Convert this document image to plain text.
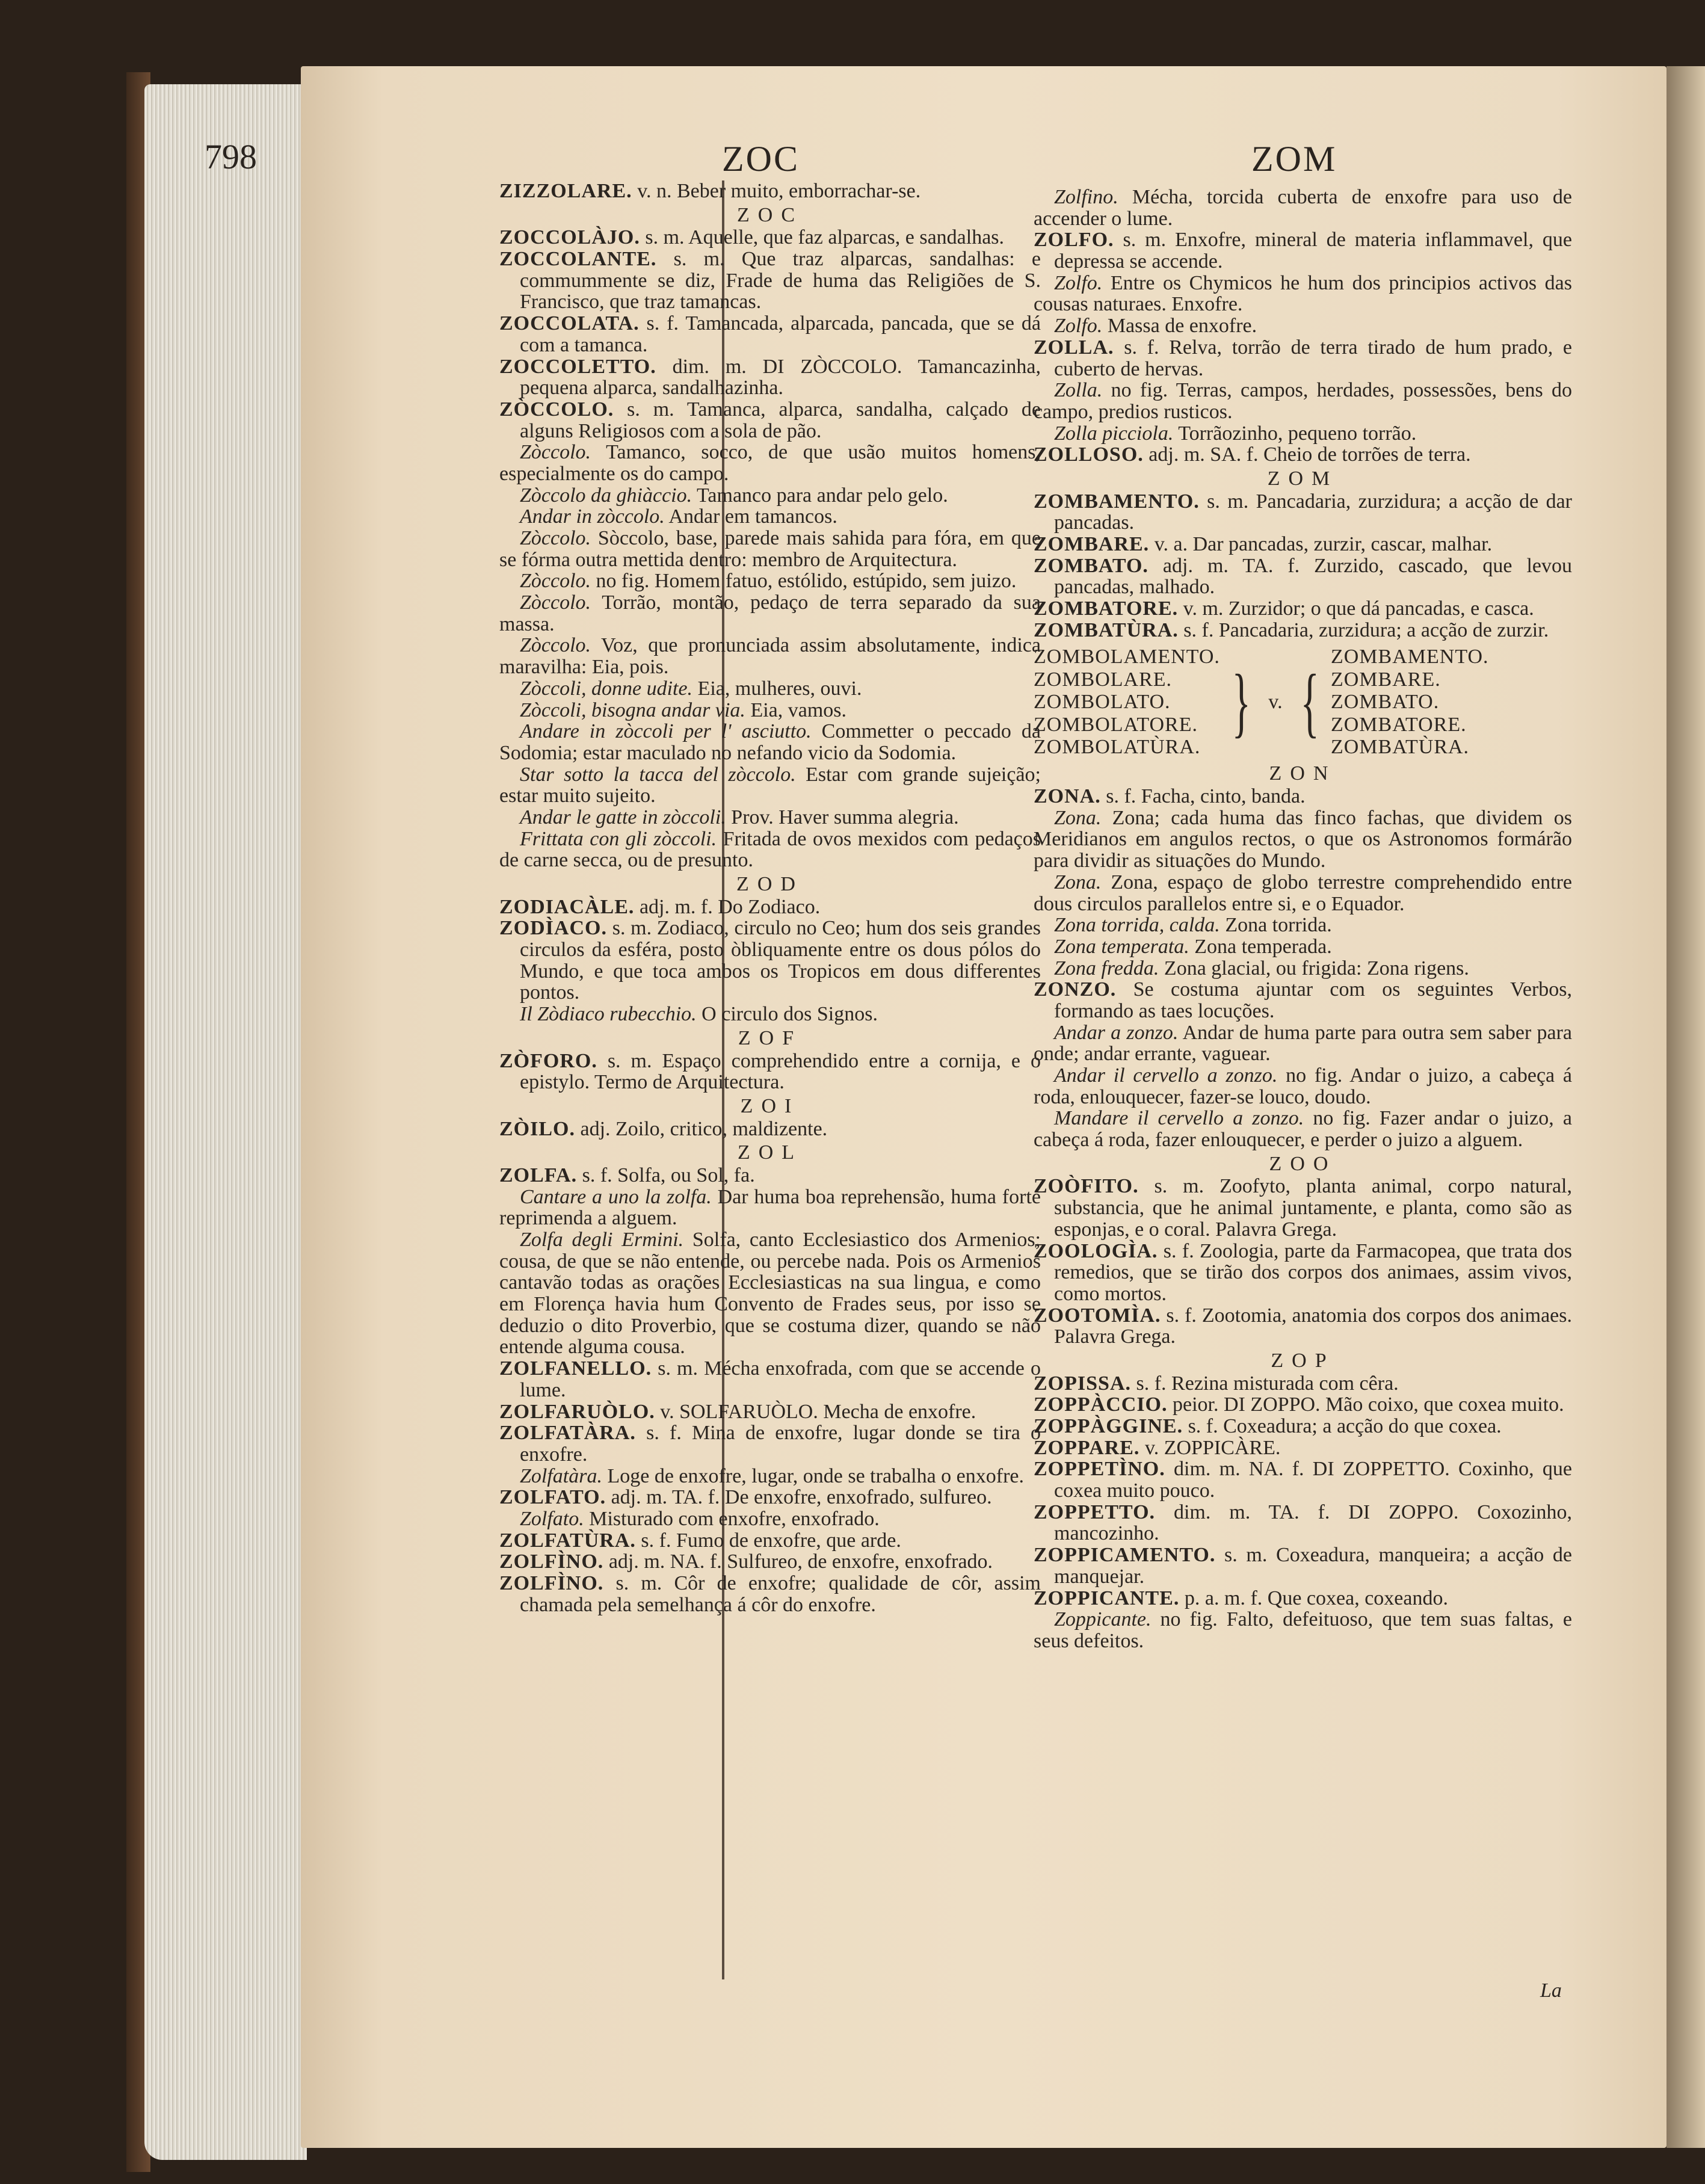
798	ZOC	ZOM

ZIZZOLARE. v. n. Beber muito, emborrachar-se.

ZOC

ZOCCOLÀJO. s. m. Aquelle, que faz alparcas, e sandalhas.

ZOCCOLANTE. s. m. Que traz alparcas, sandalhas: e commummente se diz, Frade de huma das Religiões de S. Francisco, que traz tamancas.

ZOCCOLATA. s. f. Tamancada, alparcada, pancada, que se dá com a tamanca.

ZOCCOLETTO. dim. m. DI ZÒCCOLO. Tamancazinha, pequena alparca, sandalhazinha.

ZÒCCOLO. s. m. Tamanca, alparca, sandalha, calçado de alguns Religiosos com a sola de pão.

Zòccolo. Tamanco, socco, de que usão muitos homens, especialmente os do campo.

Zòccolo da ghiàccio. Tamanco para andar pelo gelo.

Andar in zòccolo. Andar em tamancos.

Zòccolo. Sòccolo, base, parede mais sahida para fóra, em que se fórma outra mettida dentro: membro de Arquitectura.

Zòccolo. no fig. Homem fatuo, estólido, estúpido, sem juizo.

Zòccolo. Torrão, montão, pedaço de terra separado da sua massa.

Zòccolo. Voz, que pronunciada assim absolutamente, indica maravilha: Eia, pois.

Zòccoli, donne udite. Eia, mulheres, ouvi.

Zòccoli, bisogna andar via. Eia, vamos.

Andare in zòccoli per l' asciutto. Commetter o peccado da Sodomia; estar maculado no nefando vicio da Sodomia.

Star sotto la tacca del zòccolo. Estar com grande sujeição; estar muito sujeito.

Andar le gatte in zòccoli. Prov. Haver summa alegria.

Frittata con gli zòccoli. Fritada de ovos mexidos com pedaços de carne secca, ou de presunto.

ZOD

ZODIACÀLE. adj. m. f. Do Zodiaco.

ZODÌACO. s. m. Zodiaco, circulo no Ceo; hum dos seis grandes circulos da esféra, posto òbliquamente entre os dous pólos do Mundo, e que toca ambos os Tropicos em dous differentes pontos.

Il Zòdiaco rubecchio. O circulo dos Signos.

ZOF

ZÒFORO. s. m. Espaço comprehendido entre a cornija, e o epistylo. Termo de Arquitectura.

ZOI

ZÒILO. adj. Zoilo, critico, maldizente.

ZOL

ZOLFA. s. f. Solfa, ou Sol, fa.

Cantare a uno la zolfa. Dar huma boa reprehensão, huma forte reprimenda a alguem.

Zolfa degli Ermini. Solfa, canto Ecclesiastico dos Armenios; cousa, de que se não entende, ou percebe nada. Pois os Armenios cantavão todas as orações Ecclesiasticas na sua lingua, e como em Florença havia hum Convento de Frades seus, por isso se deduzio o dito Proverbio, que se costuma dizer, quando se não entende alguma cousa.

ZOLFANELLO. s. m. Mécha enxofrada, com que se accende o lume.

ZOLFARUÒLO. v. SOLFARUÒLO. Mecha de enxofre.

ZOLFATÀRA. s. f. Mina de enxofre, lugar donde se tira o enxofre.

Zolfatàra. Loge de enxofre, lugar, onde se trabalha o enxofre.

ZOLFATO. adj. m. TA. f. De enxofre, enxofrado, sulfureo.

Zolfato. Misturado com enxofre, enxofrado.

ZOLFATÙRA. s. f. Fumo de enxofre, que arde.

ZOLFÌNO. adj. m. NA. f. Sulfureo, de enxofre, enxofrado.

ZOLFÌNO. s. m. Côr de enxofre; qualidade de côr, assim chamada pela semelhança á côr do enxofre.

Zolfino. Mécha, torcida cuberta de enxofre para uso de accender o lume.

ZOLFO. s. m. Enxofre, mineral de materia inflammavel, que depressa se accende.

Zolfo. Entre os Chymicos he hum dos principios activos das cousas naturaes. Enxofre.

Zolfo. Massa de enxofre.

ZOLLA. s. f. Relva, torrão de terra tirado de hum prado, e cuberto de hervas.

Zolla. no fig. Terras, campos, herdades, possessões, bens do campo, predios rusticos.

Zolla picciola. Torrãozinho, pequeno torrão.

ZOLLOSO. adj. m. SA. f. Cheio de torrões de terra.

ZOM

ZOMBAMENTO. s. m. Pancadaria, zurzidura; a acção de dar pancadas.

ZOMBARE. v. a. Dar pancadas, zurzir, cascar, malhar.

ZOMBATO. adj. m. TA. f. Zurzido, cascado, que levou pancadas, malhado.

ZOMBATORE. v. m. Zurzidor; o que dá pancadas, e casca.

ZOMBATÙRA. s. f. Pancadaria, zurzidura; a acção de zurzir.

ZOMBOLAMENTO.
ZOMBOLARE.
ZOMBOLATO.
ZOMBOLATORE.
ZOMBOLATÙRA.
} v. {
ZOMBAMENTO.
ZOMBARE.
ZOMBATO.
ZOMBATORE.
ZOMBATÙRA.

ZON

ZONA. s. f. Facha, cinto, banda.

Zona. Zona; cada huma das finco fachas, que dividem os Meridianos em angulos rectos, o que os Astronomos formárão para dividir as situações do Mundo.

Zona. Zona, espaço de globo terrestre comprehendido entre dous circulos parallelos entre si, e o Equador.

Zona torrida, calda. Zona torrida.

Zona temperata. Zona temperada.

Zona fredda. Zona glacial, ou frigida: Zona rigens.

ZONZO. Se costuma ajuntar com os seguintes Verbos, formando as taes locuções.

Andar a zonzo. Andar de huma parte para outra sem saber para onde; andar errante, vaguear.

Andar il cervello a zonzo. no fig. Andar o juizo, a cabeça á roda, enlouquecer, fazer-se louco, doudo.

Mandare il cervello a zonzo. no fig. Fazer andar o juizo, a cabeça á roda, fazer enlouquecer, e perder o juizo a alguem.

ZOO

ZOÒFITO. s. m. Zoofyto, planta animal, corpo natural, substancia, que he animal juntamente, e planta, como são as esponjas, e o coral. Palavra Grega.

ZOOLOGÌA. s. f. Zoologia, parte da Farmacopea, que trata dos remedios, que se tirão dos corpos dos animaes, assim vivos, como mortos.

ZOOTOMÌA. s. f. Zootomia, anatomia dos corpos dos animaes. Palavra Grega.

ZOP

ZOPISSA. s. f. Rezina misturada com cêra.

ZOPPÀCCIO. peior. DI ZOPPO. Mão coixo, que coxea muito.

ZOPPÀGGINE. s. f. Coxeadura; a acção do que coxea.

ZOPPARE. v. ZOPPICÀRE.

ZOPPETÌNO. dim. m. NA. f. DI ZOPPETTO. Coxinho, que coxea muito pouco.

ZOPPETTO. dim. m. TA. f. DI ZOPPO. Coxozinho, mancozinho.

ZOPPICAMENTO. s. m. Coxeadura, manqueira; a acção de manquejar.

ZOPPICANTE. p. a. m. f. Que coxea, coxeando.

Zoppicante. no fig. Falto, defeituoso, que tem suas faltas, e seus defeitos.

La
